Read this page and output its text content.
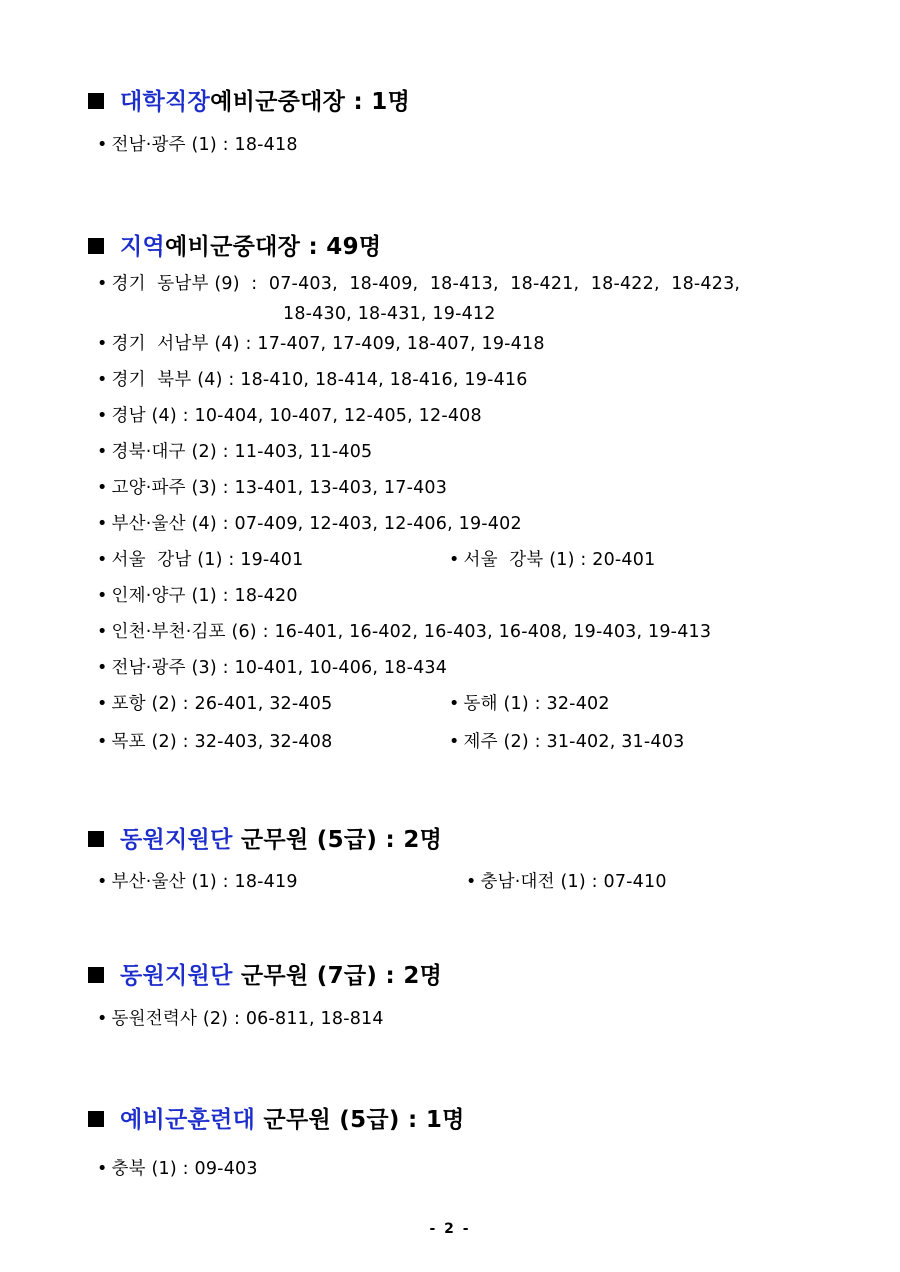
대학직장예비군중대장 : 1명

• 전남·광주 (1) : 18-418

지역예비군중대장 : 49명

• 경기  동남부 (9)  :  07-403,  18-409,  18-413,  18-421,  18-422,  18-423,

18-430, 18-431, 19-412

• 경기  서남부 (4) : 17-407, 17-409, 18-407, 19-418

• 경기  북부 (4) : 18-410, 18-414, 18-416, 19-416

• 경남 (4) : 10-404, 10-407, 12-405, 12-408

• 경북·대구 (2) : 11-403, 11-405

• 고양·파주 (3) : 13-401, 13-403, 17-403

• 부산·울산 (4) : 07-409, 12-403, 12-406, 19-402

• 서울  강남 (1) : 19-401	• 서울  강북 (1) : 20-401

• 인제·양구 (1) : 18-420

• 인천·부천·김포 (6) : 16-401, 16-402, 16-403, 16-408, 19-403, 19-413

• 전남·광주 (3) : 10-401, 10-406, 18-434

• 포항 (2) : 26-401, 32-405	• 동해 (1) : 32-402

• 목포 (2) : 32-403, 32-408	• 제주 (2) : 31-402, 31-403

동원지원단 군무원 (5급) : 2명

• 부산·울산 (1) : 18-419	• 충남·대전 (1) : 07-410

동원지원단 군무원 (7급) : 2명

• 동원전력사 (2) : 06-811, 18-814

예비군훈련대 군무원 (5급) : 1명

• 충북 (1) : 09-403

- 2 -
